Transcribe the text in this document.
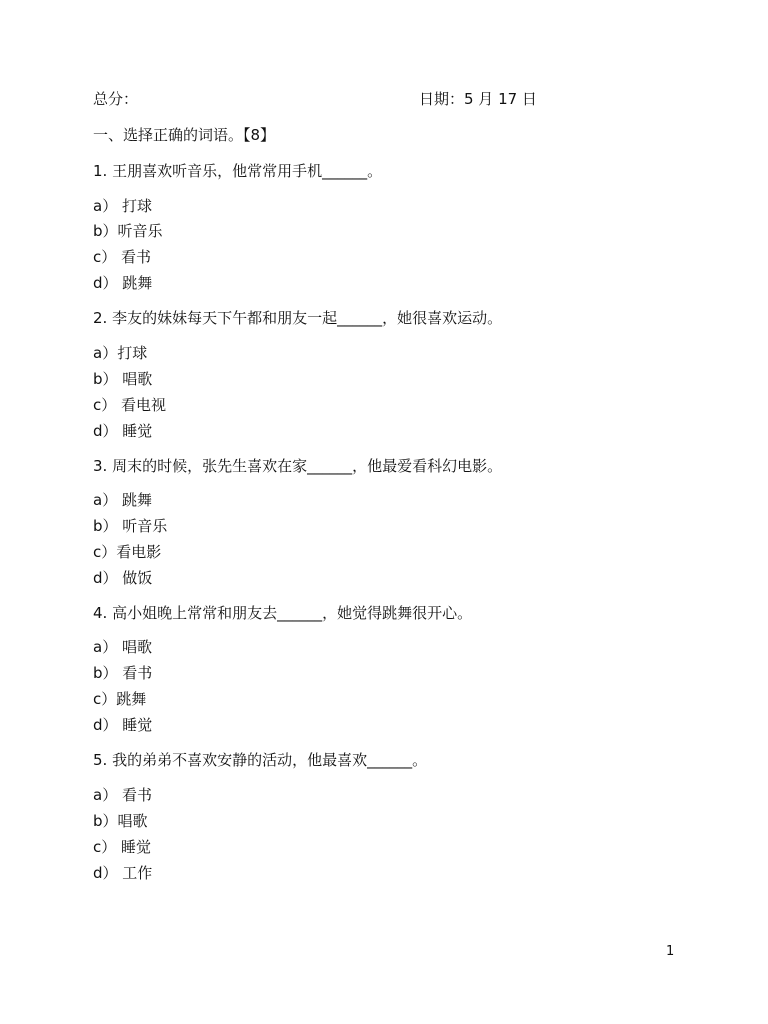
总分：	日期：5 月 17 日
一、选择正确的词语。【8】
1. 王朋喜欢听音乐，他常常用手机______。
a） 打球
b）听音乐
c） 看书
d） 跳舞
2. 李友的妹妹每天下午都和朋友一起______，她很喜欢运动。
a）打球
b） 唱歌
c） 看电视
d） 睡觉
3. 周末的时候，张先生喜欢在家______，他最爱看科幻电影。
a） 跳舞
b） 听音乐
c）看电影
d） 做饭
4. 高小姐晚上常常和朋友去______，她觉得跳舞很开心。
a） 唱歌
b） 看书
c）跳舞
d） 睡觉
5. 我的弟弟不喜欢安静的活动，他最喜欢______。
a） 看书
b）唱歌
c） 睡觉
d） 工作
1
